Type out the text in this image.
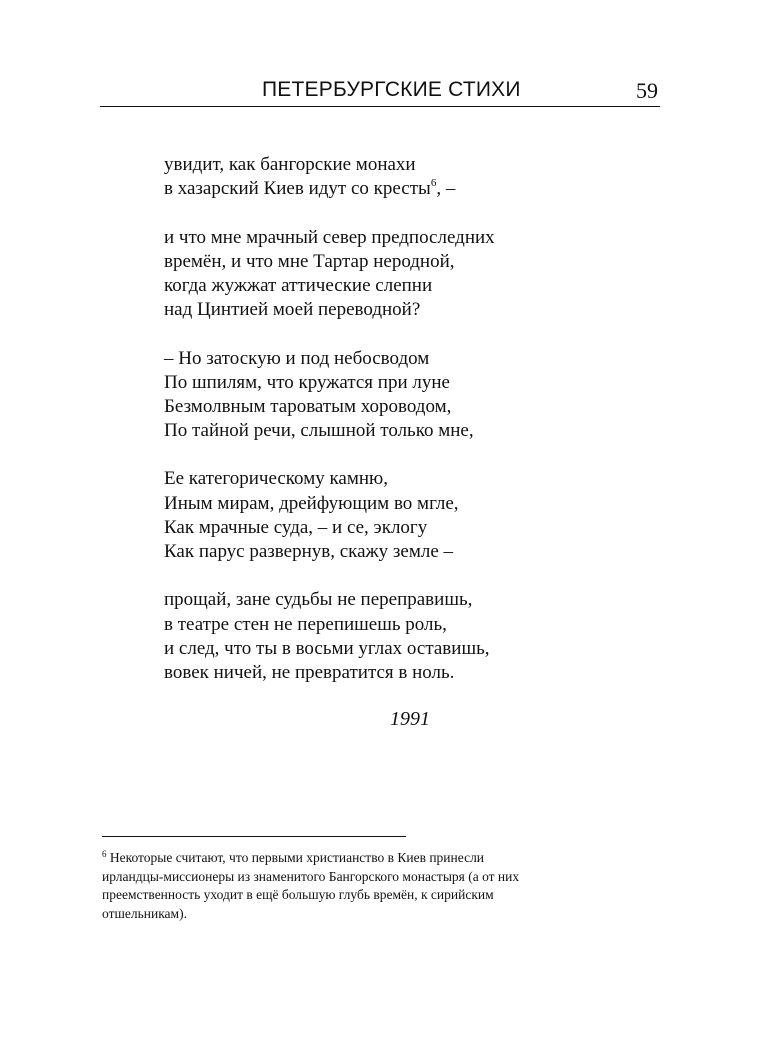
ПЕТЕРБУРГСКИЕ СТИХИ	59
увидит, как бангорские монахи
в хазарский Киев идут со кресты$^6$, –
и что мне мрачный север предпоследних
времён, и что мне Тартар неродной,
когда жужжат аттические слепни
над Цинтией моей переводной?
– Но затоскую и под небосводом
По шпилям, что кружатся при луне
Безмолвным тароватым хороводом,
По тайной речи, слышной только мне,
Ее категорическому камню,
Иным мирам, дрейфующим во мгле,
Как мрачные суда, – и се, эклогу
Как парус развернув, скажу земле –
прощай, зане судьбы не переправишь,
в театре стен не перепишешь роль,
и след, что ты в восьми углах оставишь,
вовек ничей, не превратится в ноль.
1991
$^6$ Некоторые считают, что первыми христианство в Киев принесли
ирландцы-миссионеры из знаменитого Бангорского монастыря (а от них
преемственность уходит в ещё большую глубь времён, к сирийским
отшельникам).
